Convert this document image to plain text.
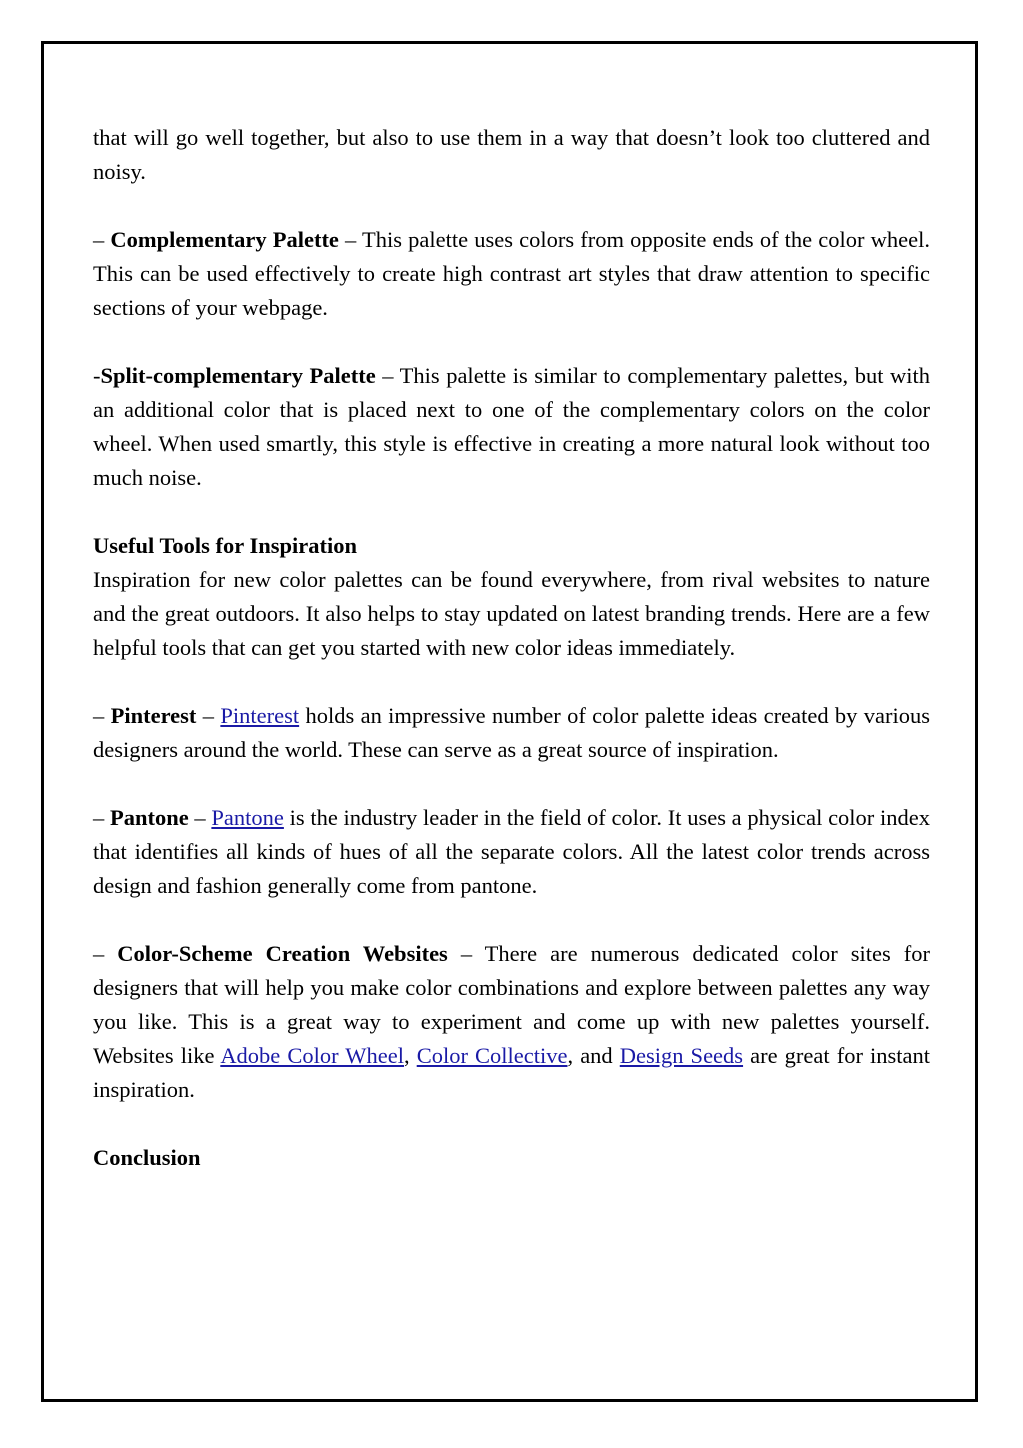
that will go well together, but also to use them in a way that doesn’t look too cluttered and noisy.

– Complementary Palette – This palette uses colors from opposite ends of the color wheel. This can be used effectively to create high contrast art styles that draw attention to specific sections of your webpage.

-Split-complementary Palette – This palette is similar to complementary palettes, but with an additional color that is placed next to one of the complementary colors on the color wheel. When used smartly, this style is effective in creating a more natural look without too much noise.

Useful Tools for Inspiration

Inspiration for new color palettes can be found everywhere, from rival websites to nature and the great outdoors. It also helps to stay updated on latest branding trends. Here are a few helpful tools that can get you started with new color ideas immediately.

– Pinterest – Pinterest holds an impressive number of color palette ideas created by various designers around the world. These can serve as a great source of inspiration.

– Pantone – Pantone is the industry leader in the field of color. It uses a physical color index that identifies all kinds of hues of all the separate colors. All the latest color trends across design and fashion generally come from pantone.

– Color-Scheme Creation Websites – There are numerous dedicated color sites for designers that will help you make color combinations and explore between palettes any way you like. This is a great way to experiment and come up with new palettes yourself. Websites like Adobe Color Wheel, Color Collective, and Design Seeds are great for instant inspiration.

Conclusion
